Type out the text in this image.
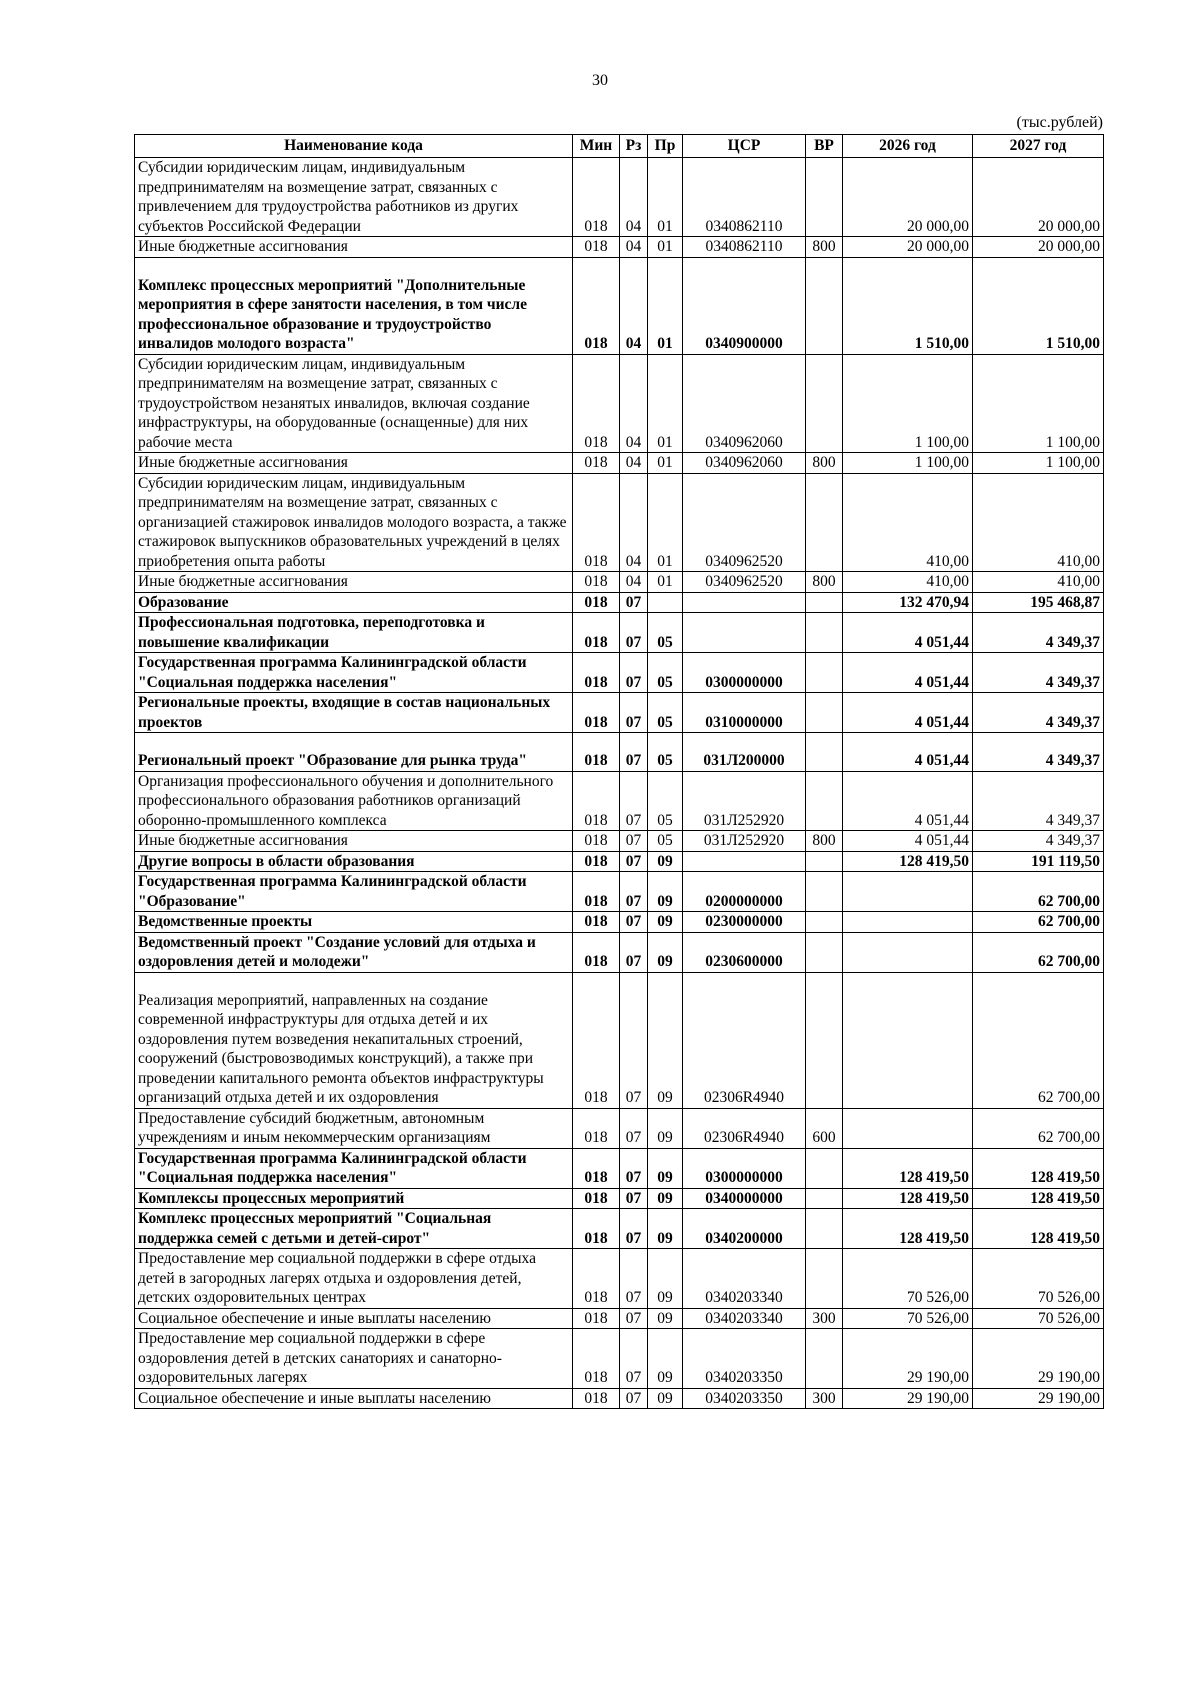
30
(тыс.рублей)
Наименование кода	Мин	Рз	Пр	ЦСР	ВР	2026 год	2027 год
Субсидии юридическим лицам, индивидуальным предпринимателям на возмещение затрат, связанных с привлечением для трудоустройства работников из других субъектов Российской Федерации	018	04	01	0340862110		20 000,00	20 000,00
Иные бюджетные ассигнования	018	04	01	0340862110	800	20 000,00	20 000,00
Комплекс процессных мероприятий "Дополнительные мероприятия в сфере занятости населения, в том числе профессиональное образование и трудоустройство инвалидов молодого возраста"	018	04	01	0340900000		1 510,00	1 510,00
Субсидии юридическим лицам, индивидуальным предпринимателям на возмещение затрат, связанных с трудоустройством незанятых инвалидов, включая создание инфраструктуры, на оборудованные (оснащенные) для них рабочие места	018	04	01	0340962060		1 100,00	1 100,00
Иные бюджетные ассигнования	018	04	01	0340962060	800	1 100,00	1 100,00
Субсидии юридическим лицам, индивидуальным предпринимателям на возмещение затрат, связанных с организацией стажировок инвалидов молодого возраста, а также стажировок выпускников образовательных учреждений в целях приобретения опыта работы	018	04	01	0340962520		410,00	410,00
Иные бюджетные ассигнования	018	04	01	0340962520	800	410,00	410,00
Образование	018	07				132 470,94	195 468,87
Профессиональная подготовка, переподготовка и повышение квалификации	018	07	05			4 051,44	4 349,37
Государственная программа Калининградской области "Социальная поддержка населения"	018	07	05	0300000000		4 051,44	4 349,37
Региональные проекты, входящие в состав национальных проектов	018	07	05	0310000000		4 051,44	4 349,37
Региональный проект "Образование для рынка труда"	018	07	05	031Л200000		4 051,44	4 349,37
Организация профессионального обучения и дополнительного профессионального образования работников организаций оборонно-промышленного комплекса	018	07	05	031Л252920		4 051,44	4 349,37
Иные бюджетные ассигнования	018	07	05	031Л252920	800	4 051,44	4 349,37
Другие вопросы в области образования	018	07	09			128 419,50	191 119,50
Государственная программа Калининградской области "Образование"	018	07	09	0200000000			62 700,00
Ведомственные проекты	018	07	09	0230000000			62 700,00
Ведомственный проект "Создание условий для отдыха и оздоровления детей и молодежи"	018	07	09	0230600000			62 700,00
Реализация мероприятий, направленных на создание современной инфраструктуры для отдыха детей и их оздоровления путем возведения некапитальных строений, сооружений (быстровозводимых конструкций), а также при проведении капитального ремонта объектов инфраструктуры организаций отдыха детей и их оздоровления	018	07	09	02306R4940			62 700,00
Предоставление субсидий бюджетным, автономным учреждениям и иным некоммерческим организациям	018	07	09	02306R4940	600		62 700,00
Государственная программа Калининградской области "Социальная поддержка населения"	018	07	09	0300000000		128 419,50	128 419,50
Комплексы процессных мероприятий	018	07	09	0340000000		128 419,50	128 419,50
Комплекс процессных мероприятий "Социальная поддержка семей с детьми и детей-сирот"	018	07	09	0340200000		128 419,50	128 419,50
Предоставление мер социальной поддержки в сфере отдыха детей в загородных лагерях отдыха и оздоровления детей, детских оздоровительных центрах	018	07	09	0340203340		70 526,00	70 526,00
Социальное обеспечение и иные выплаты населению	018	07	09	0340203340	300	70 526,00	70 526,00
Предоставление мер социальной поддержки в сфере оздоровления детей в детских санаториях и санаторно-оздоровительных лагерях	018	07	09	0340203350		29 190,00	29 190,00
Социальное обеспечение и иные выплаты населению	018	07	09	0340203350	300	29 190,00	29 190,00
